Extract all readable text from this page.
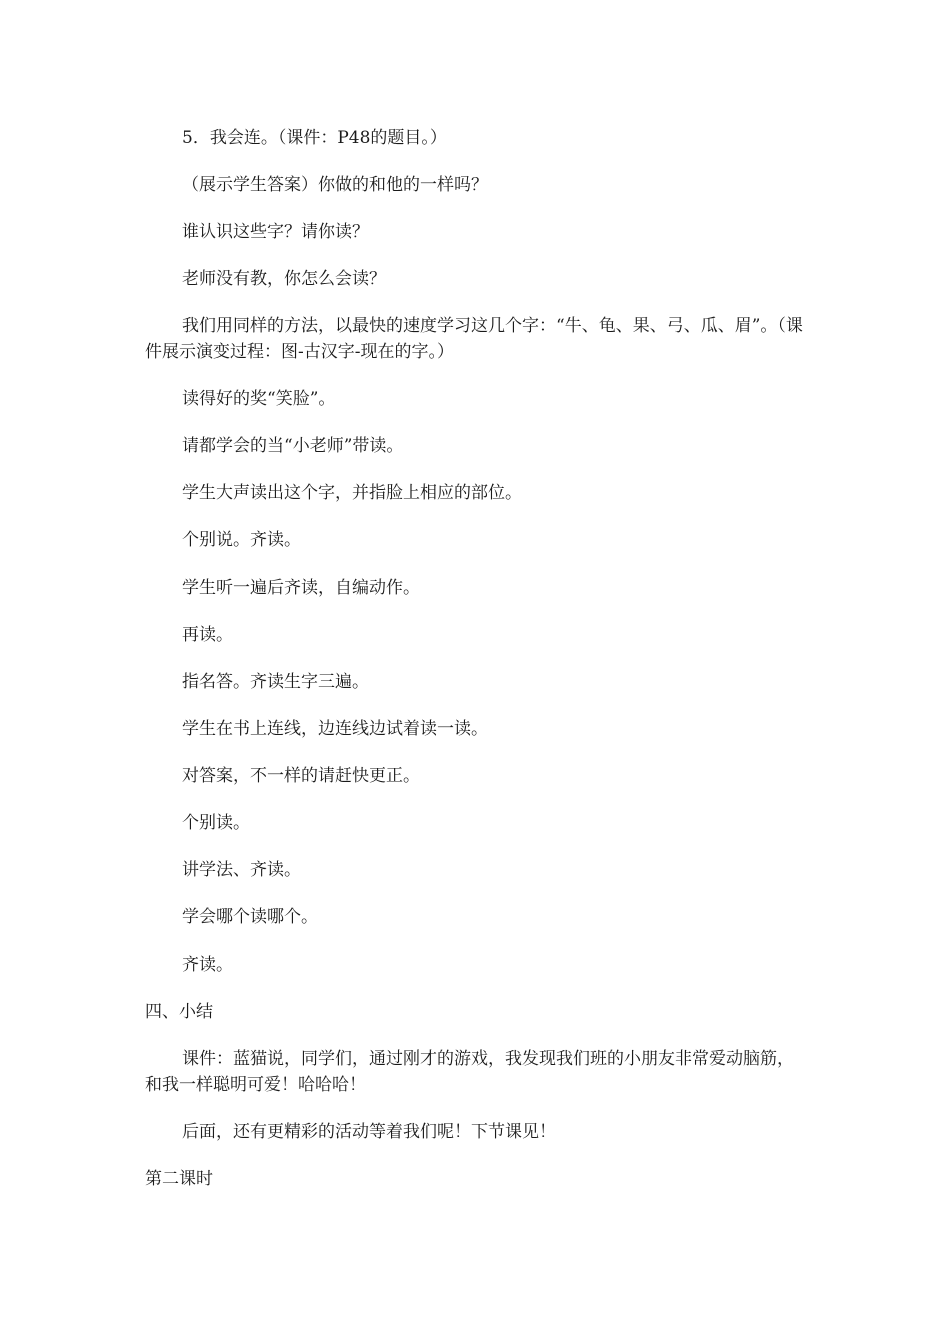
5．我会连。（课件：P48的题目。）

（展示学生答案）你做的和他的一样吗？

谁认识这些字？请你读？

老师没有教，你怎么会读？

我们用同样的方法，以最快的速度学习这几个字：“牛、龟、果、弓、瓜、眉”。（课件展示演变过程：图-古汉字-现在的字。）

读得好的奖“笑脸”。

请都学会的当“小老师”带读。

学生大声读出这个字，并指脸上相应的部位。

个别说。齐读。

学生听一遍后齐读，自编动作。

再读。

指名答。齐读生字三遍。

学生在书上连线，边连线边试着读一读。

对答案，不一样的请赶快更正。

个别读。

讲学法、齐读。

学会哪个读哪个。

齐读。

四、小结

课件：蓝猫说，同学们，通过刚才的游戏，我发现我们班的小朋友非常爱动脑筋，和我一样聪明可爱！哈哈哈！

后面，还有更精彩的活动等着我们呢！下节课见！

第二课时
